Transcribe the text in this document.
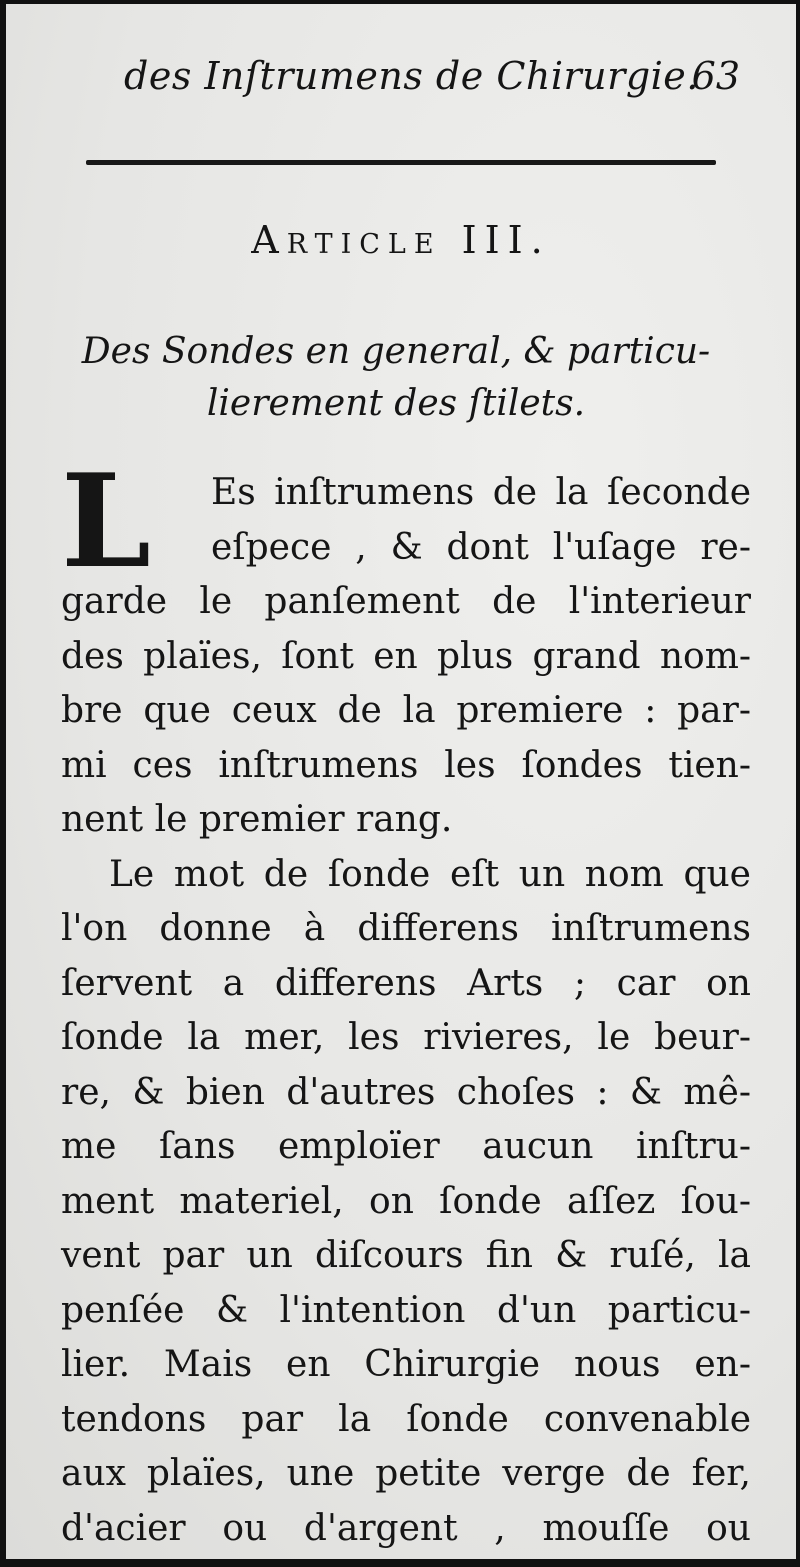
des Inſtrumens de Chirurgie.
63
Article III.
Des Sondes en general, & particu-
lierement des ſtilets.
L	Es inſtrumens de la ſeconde
eſpece , & dont l'uſage re-
garde le panſement de l'interieur
des plaïes, ſont en plus grand nom-
bre que ceux de la premiere : par-
mi ces inſtrumens les ſondes tien-
nent le premier rang.
Le mot de ſonde eſt un nom que
l'on donne à differens inſtrumens
ſervent a differens Arts ; car on
ſonde la mer, les rivieres, le beur-
re, & bien d'autres choſes : & mê-
me ſans emploïer aucun inſtru-
ment materiel, on ſonde aſſez ſou-
vent par un diſcours fin & ruſé, la
penſée & l'intention d'un particu-
lier. Mais en Chirurgie nous en-
tendons par la ſonde convenable
aux plaïes, une petite verge de fer,
d'acier ou d'argent , mouſſe ou
